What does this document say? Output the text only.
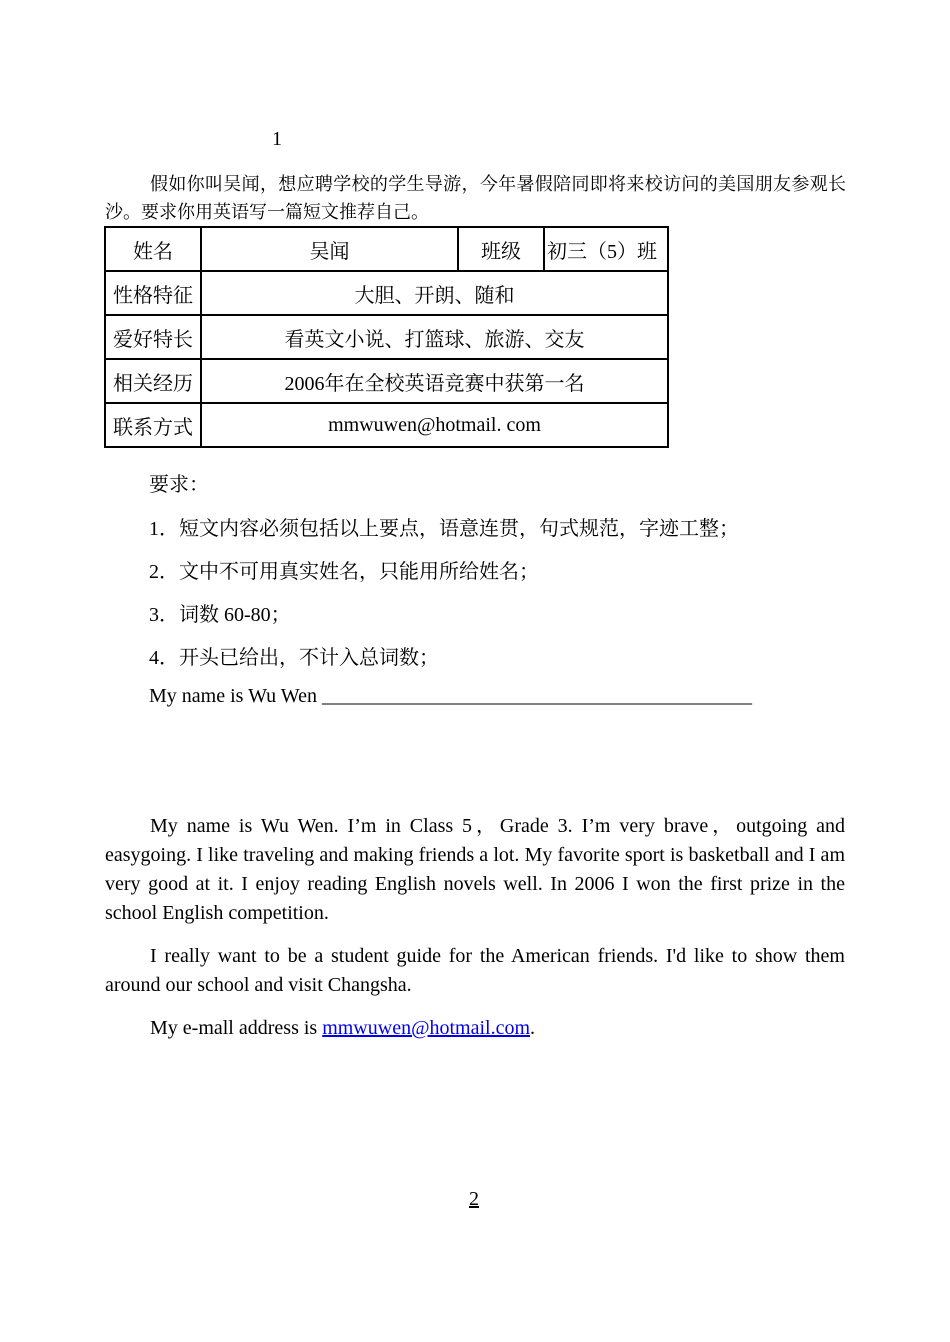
1
假如你叫吴闻，想应聘学校的学生导游，今年暑假陪同即将来校访问的美国朋友参观长沙。要求你用英语写一篇短文推荐自己。
姓名	吴闻	班级	初三（5）班
性格特征	大胆、开朗、随和		
爱好特长	看英文小说、打篮球、旅游、交友		
相关经历	2006年在全校英语竞赛中获第一名		
联系方式	mmwuwen@hotmail. com		
要求：
1．短文内容必须包括以上要点，语意连贯，句式规范，字迹工整；
2．文中不可用真实姓名，只能用所给姓名；
3．词数 60-80；
4．开头已给出，不计入总词数；
My name is Wu Wen ___________________________________________

My name is Wu Wen. I’m in Class 5，Grade 3. I’m very brave，outgoing and easygoing. I like traveling and making friends a lot. My favorite sport is basketball and I am very good at it. I enjoy reading English novels well. In 2006 I won the first prize in the school English competition.

I really want to be a student guide for the American friends. I'd like to show them around our school and visit Changsha.

My e-mall address is mmwuwen@hotmail.com.

2
